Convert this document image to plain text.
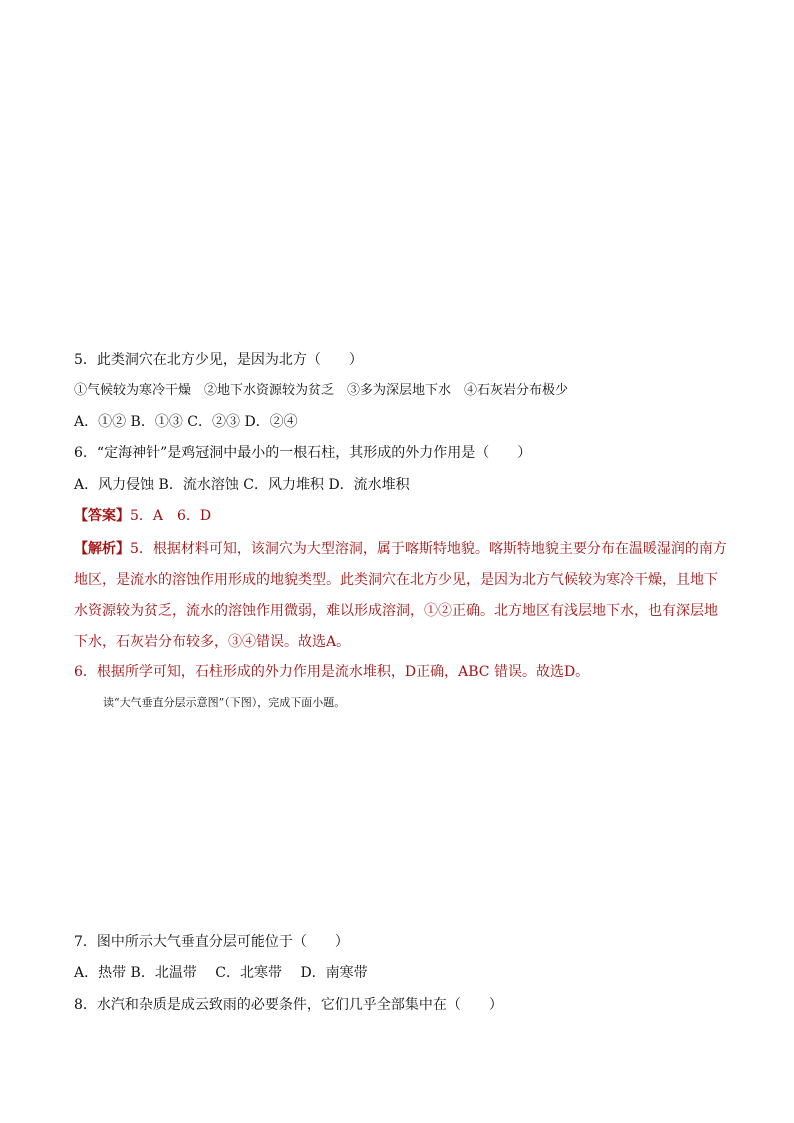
5．此类洞穴在北方少见，是因为北方（　　）
①气候较为寒冷干燥　②地下水资源较为贫乏　③多为深层地下水　④石灰岩分布极少
A．①② B．①③ C．②③ D．②④
6．“定海神针”是鸡冠洞中最小的一根石柱，其形成的外力作用是（　　）
A．风力侵蚀 B．流水溶蚀 C．风力堆积 D．流水堆积
【答案】5．A　6．D
【解析】5．根据材料可知，该洞穴为大型溶洞，属于喀斯特地貌。喀斯特地貌主要分布在温暖湿润的南方
地区，是流水的溶蚀作用形成的地貌类型。此类洞穴在北方少见，是因为北方气候较为寒冷干燥，且地下
水资源较为贫乏，流水的溶蚀作用微弱，难以形成溶洞，①②正确。北方地区有浅层地下水，也有深层地
下水，石灰岩分布较多，③④错误。故选A。
6．根据所学可知，石柱形成的外力作用是流水堆积，D正确，ABC 错误。故选D。
读“大气垂直分层示意图”（下图），完成下面小题。
7．图中所示大气垂直分层可能位于（　　）
A．热带 B．北温带　 C．北寒带　 D．南寒带
8．水汽和杂质是成云致雨的必要条件，它们几乎全部集中在（　　）
